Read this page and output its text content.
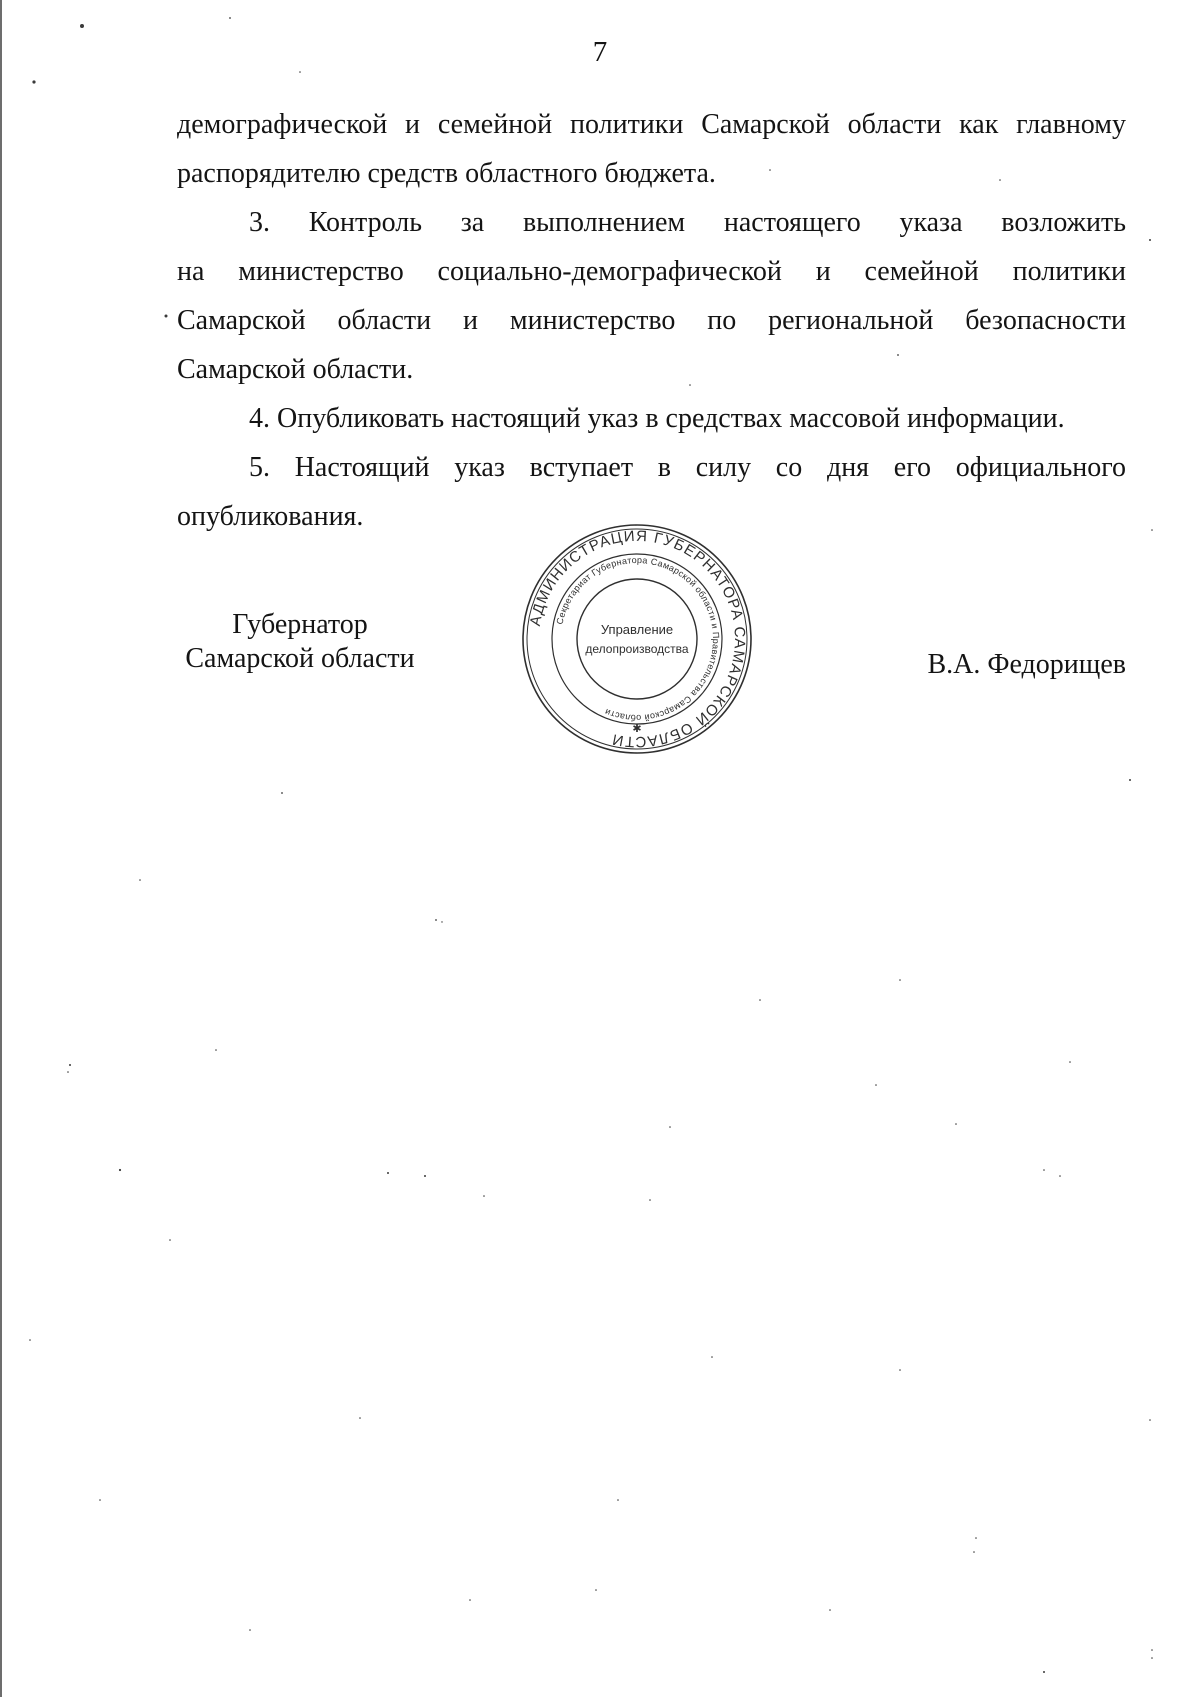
7

демографической и семейной политики Самарской области как главному

распорядителю средств областного бюджета.

3. Контроль за выполнением настоящего указа возложить

на министерство социально-демографической и семейной политики

Самарской области и министерство по региональной безопасности

Самарской области.

4. Опубликовать настоящий указ в средствах массовой информации.

5. Настоящий указ вступает в силу со дня его официального

опубликования.

Губернатор
Самарской области
АДМИНИСТРАЦИЯ ГУБЕРНАТОРА САМАРСКОЙ ОБЛАСТИ
Секретариат Губернатора Самарской области и Правительства Самарской области
Управление
делопроизводства
✱
В.А. Федорищев
